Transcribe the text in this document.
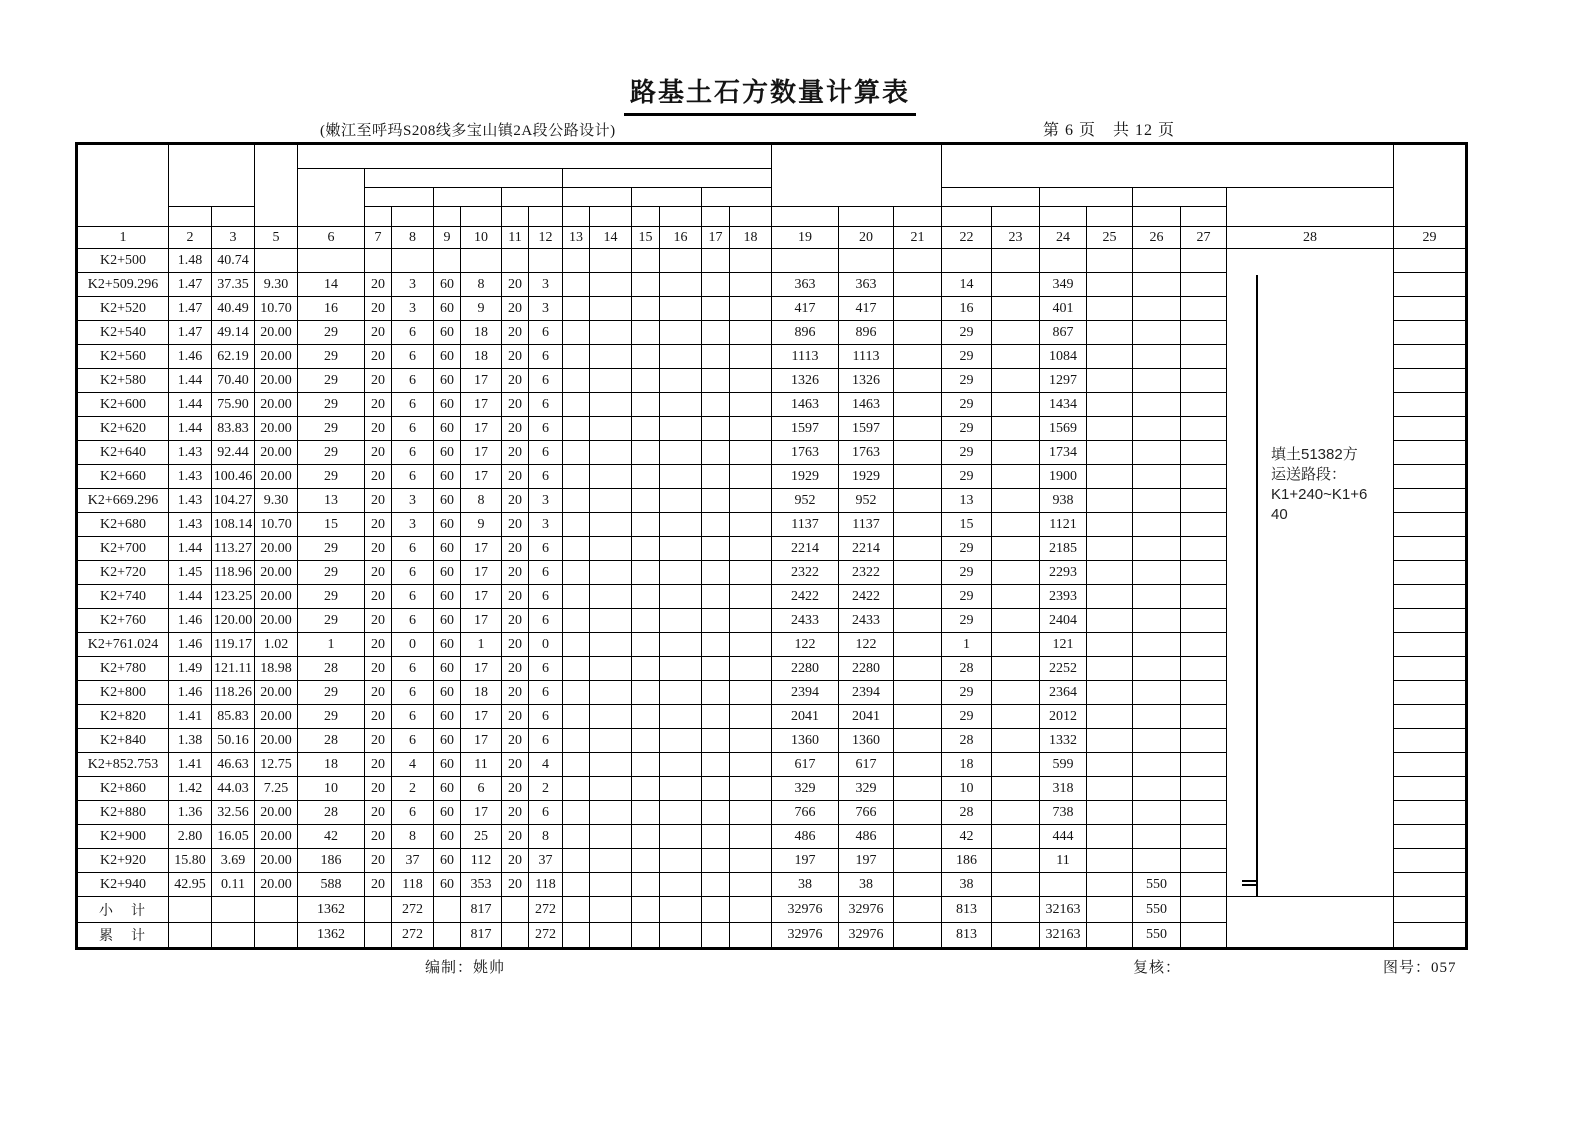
路基土石方数量计算表
(嫩江至呼玛S208线多宝山镇2A段公路设计)	第 6 页　共 12 页

1	2	3	5	6	7	8	9	10	11	12	13	14	15	16	17	18	19	20	21	22	23	24	25	26	27	28	29
K2+500	1.48	40.74																								填土51382方
运送路段：
K1+240~K1+6
40	

K2+509.296	1.47	37.35	9.30	14	20	3	60	8	20	3							363	363		14		349					
K2+520	1.47	40.49	10.70	16	20	3	60	9	20	3							417	417		16		401					
K2+540	1.47	49.14	20.00	29	20	6	60	18	20	6							896	896		29		867					
K2+560	1.46	62.19	20.00	29	20	6	60	18	20	6							1113	1113		29		1084					
K2+580	1.44	70.40	20.00	29	20	6	60	17	20	6							1326	1326		29		1297					
K2+600	1.44	75.90	20.00	29	20	6	60	17	20	6							1463	1463		29		1434					
K2+620	1.44	83.83	20.00	29	20	6	60	17	20	6							1597	1597		29		1569					
K2+640	1.43	92.44	20.00	29	20	6	60	17	20	6							1763	1763		29		1734					
K2+660	1.43	100.46	20.00	29	20	6	60	17	20	6							1929	1929		29		1900					
K2+669.296	1.43	104.27	9.30	13	20	3	60	8	20	3							952	952		13		938					
K2+680	1.43	108.14	10.70	15	20	3	60	9	20	3							1137	1137		15		1121					
K2+700	1.44	113.27	20.00	29	20	6	60	17	20	6							2214	2214		29		2185					
K2+720	1.45	118.96	20.00	29	20	6	60	17	20	6							2322	2322		29		2293					
K2+740	1.44	123.25	20.00	29	20	6	60	17	20	6							2422	2422		29		2393					
K2+760	1.46	120.00	20.00	29	20	6	60	17	20	6							2433	2433		29		2404					
K2+761.024	1.46	119.17	1.02	1	20	0	60	1	20	0							122	122		1		121					
K2+780	1.49	121.11	18.98	28	20	6	60	17	20	6							2280	2280		28		2252					
K2+800	1.46	118.26	20.00	29	20	6	60	18	20	6							2394	2394		29		2364					
K2+820	1.41	85.83	20.00	29	20	6	60	17	20	6							2041	2041		29		2012					
K2+840	1.38	50.16	20.00	28	20	6	60	17	20	6							1360	1360		28		1332					
K2+852.753	1.41	46.63	12.75	18	20	4	60	11	20	4							617	617		18		599					
K2+860	1.42	44.03	7.25	10	20	2	60	6	20	2							329	329		10		318					
K2+880	1.36	32.56	20.00	28	20	6	60	17	20	6							766	766		28		738					
K2+900	2.80	16.05	20.00	42	20	8	60	25	20	8							486	486		42		444					
K2+920	15.80	3.69	20.00	186	20	37	60	112	20	37							197	197		186		11					
K2+940	42.95	0.11	20.00	588	20	118	60	353	20	118							38	38		38				550			
小　计				1362		272		817		272							32976	32976		813		32163		550			
累　计				1362		272		817		272							32976	32976		813		32163		550			
编制：姚帅	复核：	图号：057
